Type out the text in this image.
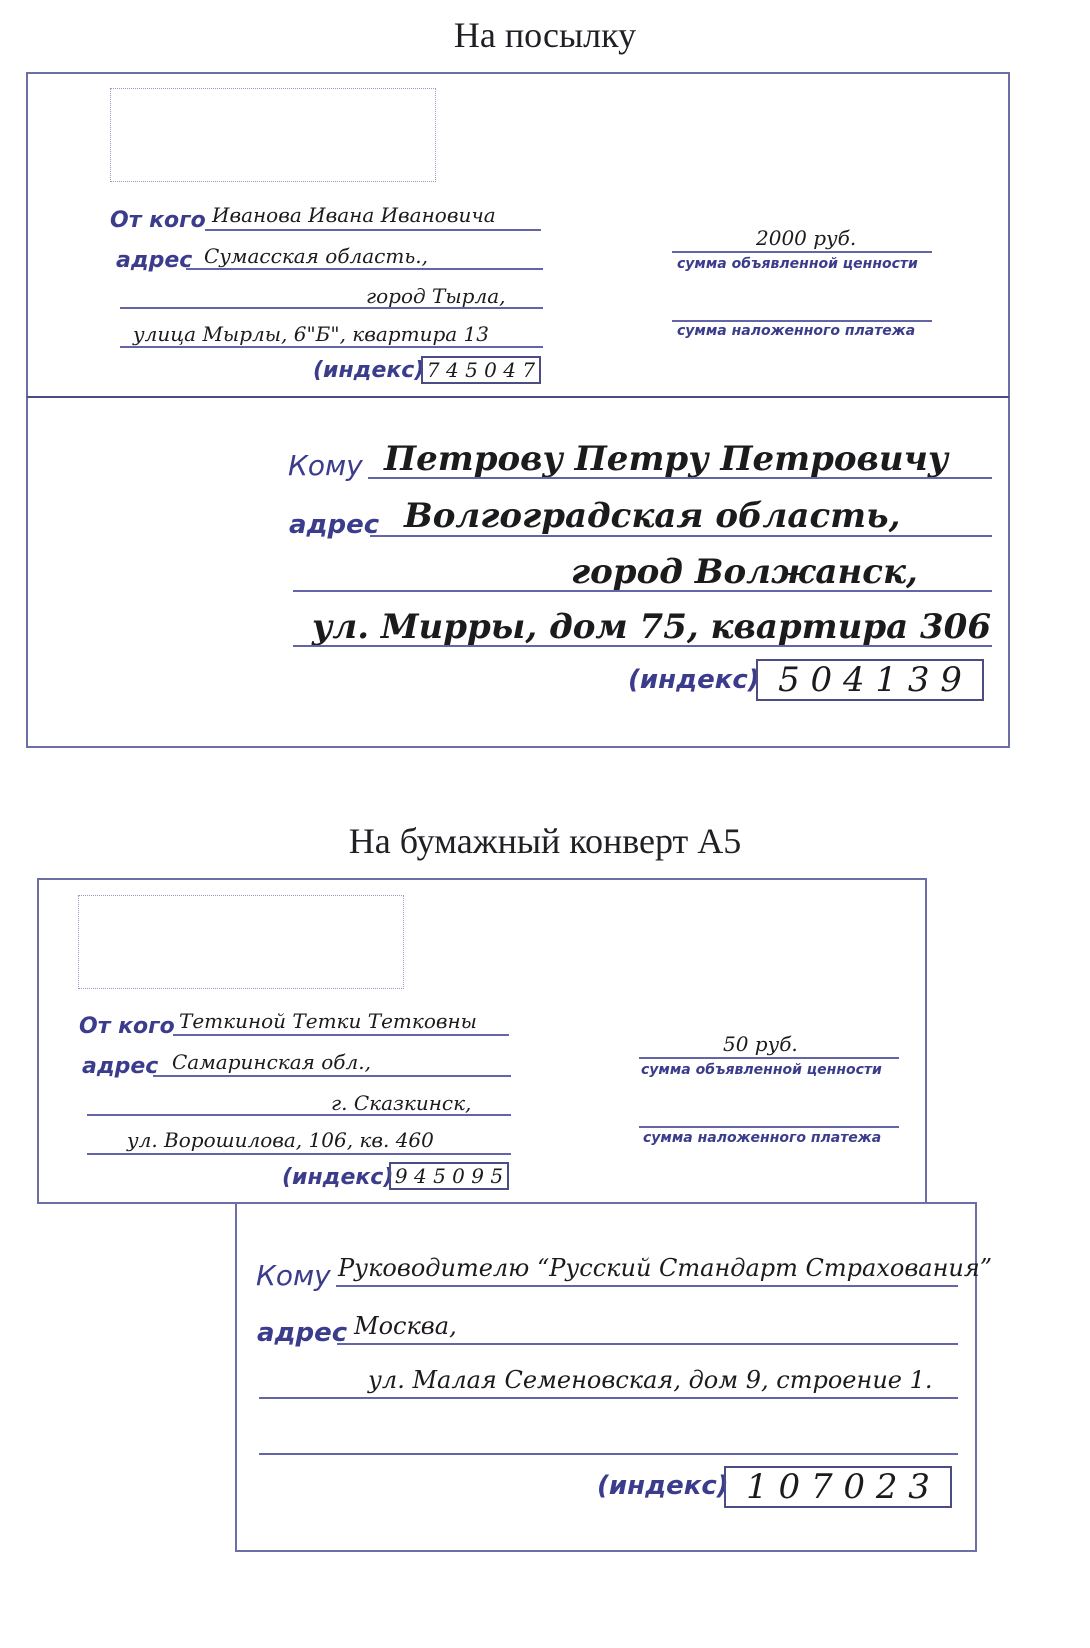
На посылку
От кого Ивановa Ивана Ивановича
адрес Сумасская область.,
город Тырла,
улица Мырлы, 6"Б", квартира 13
(индекс) 7 4 5 0 4 7
2000 руб.
сумма объявленной ценности
сумма наложенного платежа
Кому Петрову Петру Петровичу
адрес Волгоградская область,
город Волжанск,
ул. Мирры, дом 75, квартира 306
(индекс) 5 0 4 1 3 9
На бумажный конверт А5
От кого Теткиной Тетки Тетковны
адрес Самаринская обл.,
г. Сказкинск,
ул. Ворошилова, 106, кв. 460
(индекс) 9 4 5 0 9 5
50 руб.
сумма объявленной ценности
сумма наложенного платежа
Кому Руководителю “Русский Стандарт Страхования”
адрес Москва,
ул. Малая Семеновская, дом 9, строение 1.
(индекс) 1 0 7 0 2 3
